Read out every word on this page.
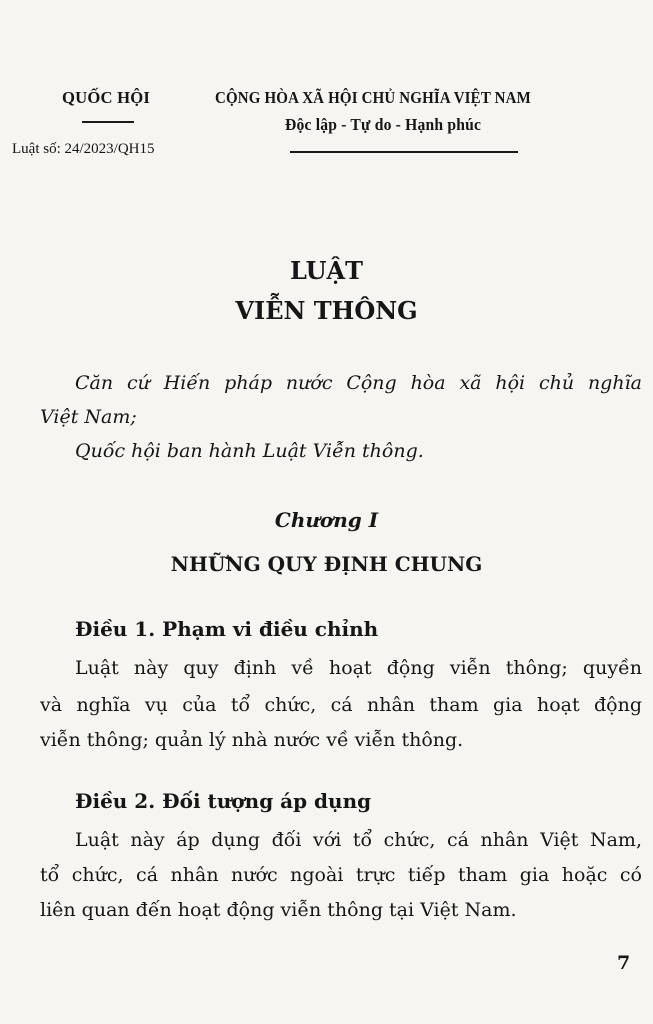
QUỐC HỘI	CỘNG HÒA XÃ HỘI CHỦ NGHĨA VIỆT NAM
Độc lập - Tự do - Hạnh phúc
Luật số: 24/2023/QH15
LUẬT
VIỄN THÔNG
Căn cứ Hiến pháp nước Cộng hòa xã hội chủ nghĩa
Việt Nam;
Quốc hội ban hành Luật Viễn thông.
Chương I
NHỮNG QUY ĐỊNH CHUNG
Điều 1. Phạm vi điều chỉnh
Luật này quy định về hoạt động viễn thông; quyền
và nghĩa vụ của tổ chức, cá nhân tham gia hoạt động
viễn thông; quản lý nhà nước về viễn thông.
Điều 2. Đối tượng áp dụng
Luật này áp dụng đối với tổ chức, cá nhân Việt Nam,
tổ chức, cá nhân nước ngoài trực tiếp tham gia hoặc có
liên quan đến hoạt động viễn thông tại Việt Nam.
7
